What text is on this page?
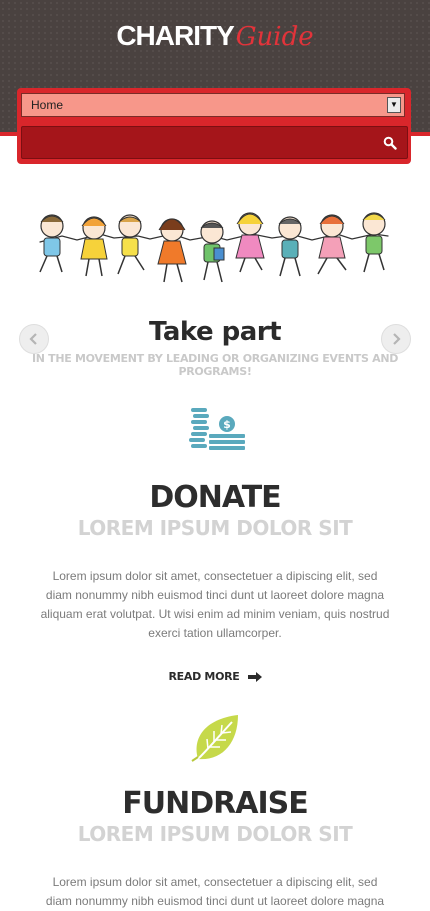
CHARITYGuide
Home	▼
Take part
IN THE MOVEMENT BY LEADING OR ORGANIZING EVENTS AND PROGRAMS!
$
DONATE
LOREM IPSUM DOLOR SIT
Lorem ipsum dolor sit amet, consectetuer a dipiscing elit, sed diam nonummy nibh euismod tinci dunt ut laoreet dolore magna aliquam erat volutpat. Ut wisi enim ad minim veniam, quis nostrud exerci tation ullamcorper.
READ MORE
FUNDRAISE
LOREM IPSUM DOLOR SIT
Lorem ipsum dolor sit amet, consectetuer a dipiscing elit, sed diam nonummy nibh euismod tinci dunt ut laoreet dolore magna
